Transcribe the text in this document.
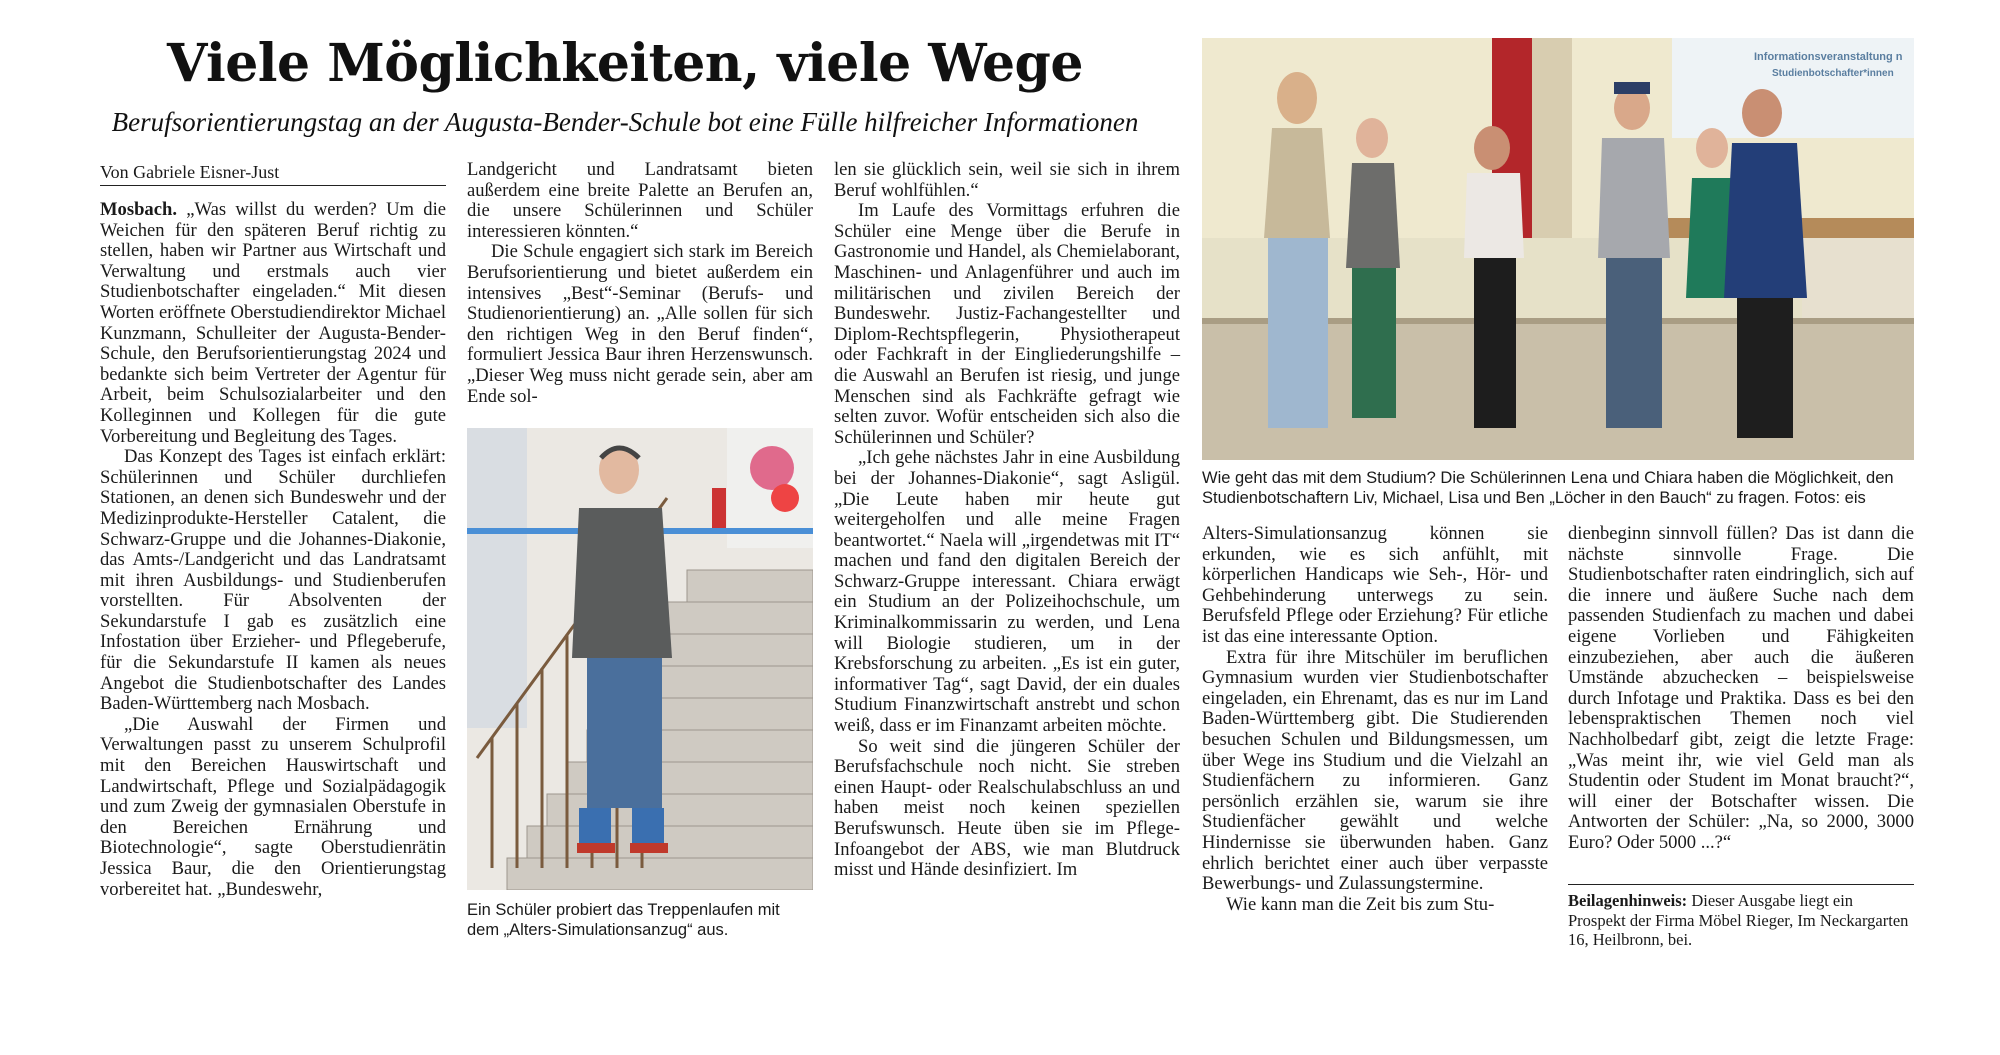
Viele Möglichkeiten, viele Wege
Berufsorientierungstag an der Augusta-Bender-Schule bot eine Fülle hilfreicher Informationen
Von Gabriele Eisner-Just

Mosbach. „Was willst du werden? Um die Weichen für den späteren Beruf richtig zu stellen, haben wir Partner aus Wirtschaft und Verwaltung und erstmals auch vier Studienbotschafter eingeladen.“ Mit diesen Worten eröffnete Oberstudiendirektor Michael Kunzmann, Schulleiter der Augusta-Bender-Schule, den Berufsorientierungstag 2024 und bedankte sich beim Vertreter der Agentur für Arbeit, beim Schulsozialarbeiter und den Kolleginnen und Kollegen für die gute Vorbereitung und Begleitung des Tages.

Das Konzept des Tages ist einfach erklärt: Schülerinnen und Schüler durchliefen Stationen, an denen sich Bundeswehr und der Medizinprodukte-Hersteller Catalent, die Schwarz-Gruppe und die Johannes-Diakonie, das Amts-/Landgericht und das Landratsamt mit ihren Ausbildungs- und Studienberufen vorstellten. Für Absolventen der Sekundarstufe I gab es zusätzlich eine Infostation über Erzieher- und Pflegeberufe, für die Sekundarstufe II kamen als neues Angebot die Studienbotschafter des Landes Baden-Württemberg nach Mosbach.

„Die Auswahl der Firmen und Verwaltungen passt zu unserem Schulprofil mit den Bereichen Hauswirtschaft und Landwirtschaft, Pflege und Sozialpädagogik und zum Zweig der gymnasialen Oberstufe in den Bereichen Ernährung und Biotechnologie“, sagte Oberstudienrätin Jessica Baur, die den Orientierungstag vorbereitet hat. „Bundeswehr,

Landgericht und Landratsamt bieten außerdem eine breite Palette an Berufen an, die unsere Schülerinnen und Schüler interessieren könnten.“

Die Schule engagiert sich stark im Bereich Berufsorientierung und bietet außerdem ein intensives „Best“-Seminar (Berufs- und Studienorientierung) an. „Alle sollen für sich den richtigen Weg in den Beruf finden“, formuliert Jessica Baur ihren Herzenswunsch. „Dieser Weg muss nicht gerade sein, aber am Ende sol-

Ein Schüler probiert das Treppenlaufen mit dem „Alters-Simulationsanzug“ aus.

len sie glücklich sein, weil sie sich in ihrem Beruf wohlfühlen.“

Im Laufe des Vormittags erfuhren die Schüler eine Menge über die Berufe in Gastronomie und Handel, als Chemielaborant, Maschinen- und Anlagenführer und auch im militärischen und zivilen Bereich der Bundeswehr. Justiz-Fachangestellter und Diplom-Rechtspflegerin, Physiotherapeut oder Fachkraft in der Eingliederungshilfe – die Auswahl an Berufen ist riesig, und junge Menschen sind als Fachkräfte gefragt wie selten zuvor. Wofür entscheiden sich also die Schülerinnen und Schüler?

„Ich gehe nächstes Jahr in eine Ausbildung bei der Johannes-Diakonie“, sagt Asligül. „Die Leute haben mir heute gut weitergeholfen und alle meine Fragen beantwortet.“ Naela will „irgendetwas mit IT“ machen und fand den digitalen Bereich der Schwarz-Gruppe interessant. Chiara erwägt ein Studium an der Polizeihochschule, um Kriminalkommissarin zu werden, und Lena will Biologie studieren, um in der Krebsforschung zu arbeiten. „Es ist ein guter, informativer Tag“, sagt David, der ein duales Studium Finanzwirtschaft anstrebt und schon weiß, dass er im Finanzamt arbeiten möchte.

So weit sind die jüngeren Schüler der Berufsfachschule noch nicht. Sie streben einen Haupt- oder Realschulabschluss an und haben meist noch keinen speziellen Berufswunsch. Heute üben sie im Pflege-Infoangebot der ABS, wie man Blutdruck misst und Hände desinfiziert. Im

Informationsveranstaltung n
Studienbotschafter*innen
Wie geht das mit dem Studium? Die Schülerinnen Lena und Chiara haben die Möglichkeit, den Studienbotschaftern Liv, Michael, Lisa und Ben „Löcher in den Bauch“ zu fragen. Fotos: eis

Alters-Simulationsanzug können sie erkunden, wie es sich anfühlt, mit körperlichen Handicaps wie Seh-, Hör- und Gehbehinderung unterwegs zu sein. Berufsfeld Pflege oder Erziehung? Für etliche ist das eine interessante Option.

Extra für ihre Mitschüler im beruflichen Gymnasium wurden vier Studienbotschafter eingeladen, ein Ehrenamt, das es nur im Land Baden-Württemberg gibt. Die Studierenden besuchen Schulen und Bildungsmessen, um über Wege ins Studium und die Vielzahl an Studienfächern zu informieren. Ganz persönlich erzählen sie, warum sie ihre Studienfächer gewählt und welche Hindernisse sie überwunden haben. Ganz ehrlich berichtet einer auch über verpasste Bewerbungs- und Zulassungstermine.

Wie kann man die Zeit bis zum Stu-

dienbeginn sinnvoll füllen? Das ist dann die nächste sinnvolle Frage. Die Studienbotschafter raten eindringlich, sich auf die innere und äußere Suche nach dem passenden Studienfach zu machen und dabei eigene Vorlieben und Fähigkeiten einzubeziehen, aber auch die äußeren Umstände abzuchecken – beispielsweise durch Infotage und Praktika. Dass es bei den lebenspraktischen Themen noch viel Nachholbedarf gibt, zeigt die letzte Frage: „Was meint ihr, wie viel Geld man als Studentin oder Student im Monat braucht?“, will einer der Botschafter wissen. Die Antworten der Schüler: „Na, so 2000, 3000 Euro? Oder 5000 ...?“

Beilagenhinweis: Dieser Ausgabe liegt ein Prospekt der Firma Möbel Rieger, Im Neckargarten 16, Heilbronn, bei.
